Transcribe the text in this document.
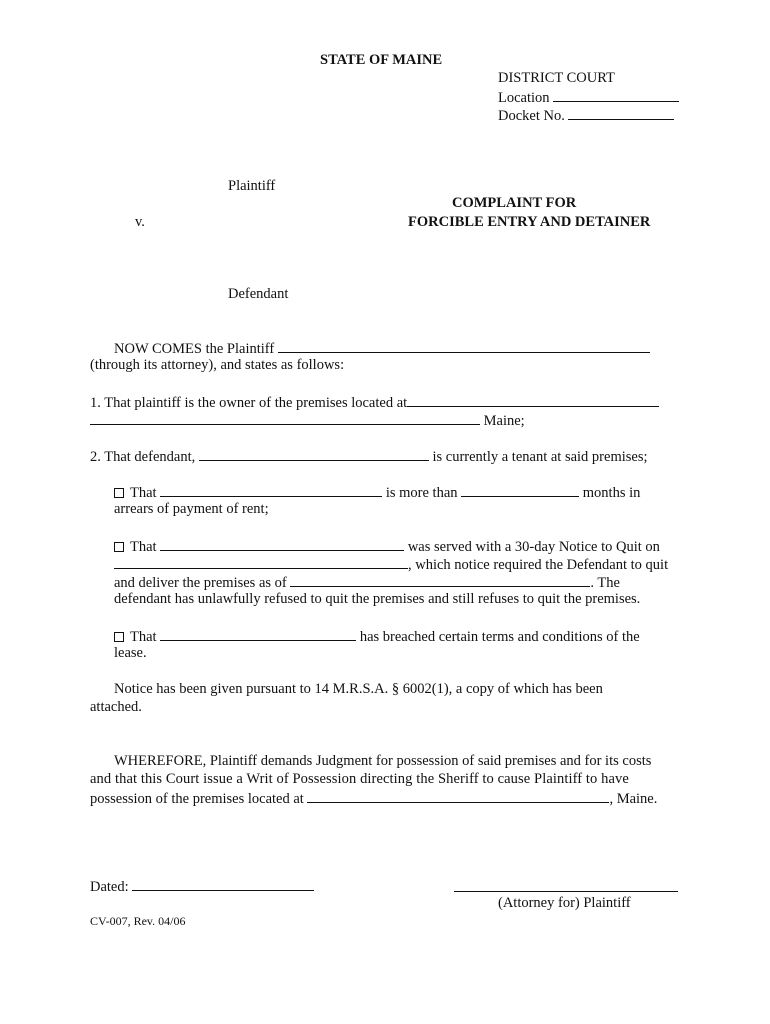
STATE OF MAINE
DISTRICT COURT
Location
Docket No.
Plaintiff
COMPLAINT FOR
v.	FORCIBLE ENTRY AND DETAINER
Defendant
NOW COMES the Plaintiff
(through its attorney), and states as follows:
1. That plaintiff is the owner of the premises located at
Maine;
2. That defendant,	is currently a tenant at said premises;
That	is more than	months in
arrears of payment of rent;
That	was served with a 30-day Notice to Quit on
, which notice required the Defendant to quit
and deliver the premises as of	. The
defendant has unlawfully refused to quit the premises and still refuses to quit the premises.
That	has breached certain terms and conditions of the
lease.
Notice has been given pursuant to 14 M.R.S.A. § 6002(1), a copy of which has been
attached.
WHEREFORE, Plaintiff demands Judgment for possession of said premises and for its costs
and that this Court issue a Writ of Possession directing the Sheriff to cause Plaintiff to have
possession of the premises located at	, Maine.
Dated:
(Attorney for) Plaintiff
CV-007, Rev. 04/06
